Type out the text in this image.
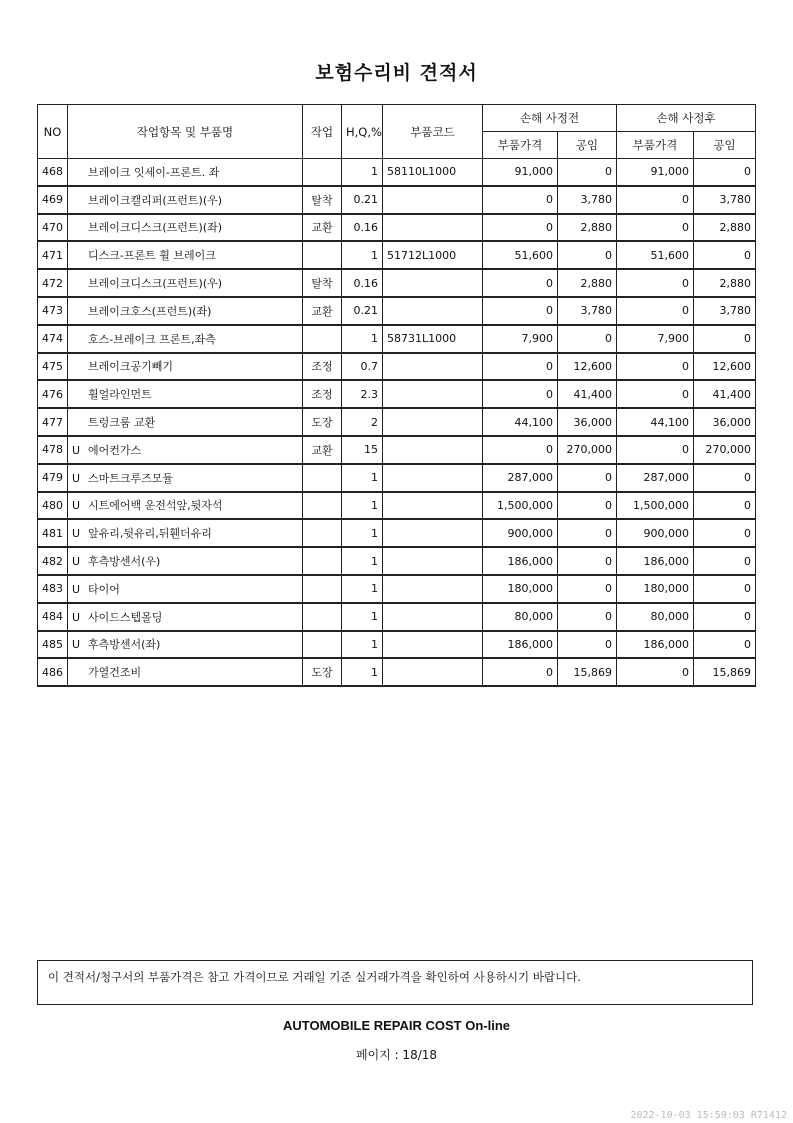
보험수리비 견적서
NO	작업항목 및 부품명	작업	H,Q,%	부품코드	손해 사정전		손해 사정후	
					부품가격	공임	부품가격	공임
468	브레이크 잇세이-프론트. 좌		1	58110L1000	91,000	0	91,000	0
469	브레이크캘리퍼(프런트)(우)	탈착	0.21		0	3,780	0	3,780
470	브레이크디스크(프런트)(좌)	교환	0.16		0	2,880	0	2,880
471	디스크-프론트 휠 브레이크		1	51712L1000	51,600	0	51,600	0
472	브레이크디스크(프런트)(우)	탈착	0.16		0	2,880	0	2,880
473	브레이크호스(프런트)(좌)	교환	0.21		0	3,780	0	3,780
474	호스-브레이크 프론트,좌측		1	58731L1000	7,900	0	7,900	0
475	브레이크공기빼기	조정	0.7		0	12,600	0	12,600
476	휠얼라인먼트	조정	2.3		0	41,400	0	41,400
477	트렁크룸 교환	도장	2		44,100	36,000	44,100	36,000
478	U 에어컨가스	교환	15		0	270,000	0	270,000
479	U 스마트크루즈모듈		1		287,000	0	287,000	0
480	U 시트에어백 운전석앞,뒷자석		1		1,500,000	0	1,500,000	0
481	U 앞유리,뒷유리,뒤휀더유리		1		900,000	0	900,000	0
482	U 후측방센서(우)		1		186,000	0	186,000	0
483	U 타이어		1		180,000	0	180,000	0
484	U 사이드스텝몰딩		1		80,000	0	80,000	0
485	U 후측방센서(좌)		1		186,000	0	186,000	0
486	가열건조비	도장	1		0	15,869	0	15,869
이 견적서/청구서의 부품가격은 참고 가격이므로 거래일 기준 실거래가격을 확인하여 사용하시기 바랍니다.
AUTOMOBILE REPAIR COST On-line
페이지 : 18/18
2022-10-03 15:59:03 R71412
